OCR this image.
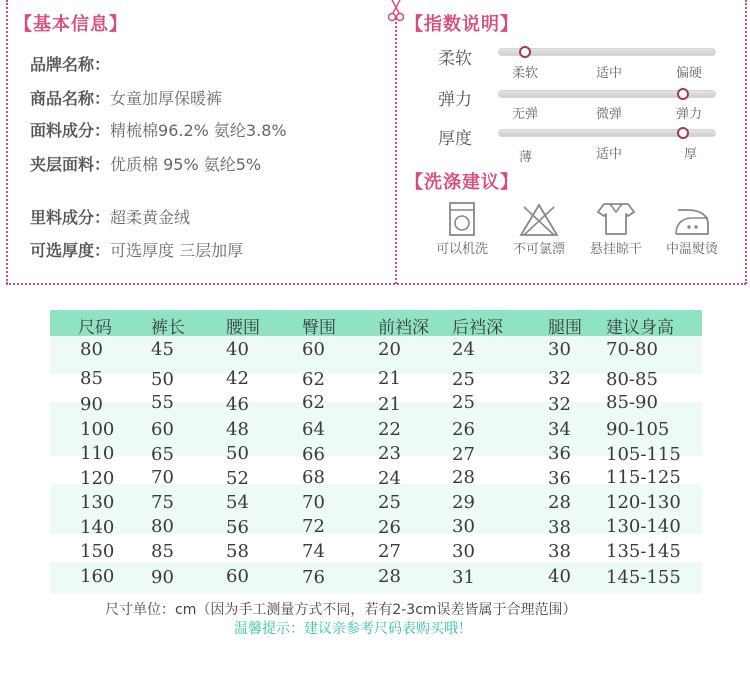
【基本信息】
品牌名称：
商品名称：女童加厚保暖裤
面料成分：精梳棉96.2% 氨纶3.8%
夹层面料：优质棉 95% 氨纶5%
里料成分：超柔黄金绒
可选厚度：可选厚度 三层加厚
【指数说明】
柔软
柔软	适中	偏硬
弹力
无弹	微弹	弹力
厚度
薄	适中	厚
【洗涤建议】
可以机洗	不可氯漂	悬挂晾干	中温熨烫
尺码 裤长 腰围 臀围 前裆深 后裆深	腿围 建议身高
80	45	40	60	20	24	30 70-80
85	50	42	62	21	25	32 80-85
90	55	46	62	21	25	32 85-90
100 60	48	64	22	26	34 90-105
110 65	50	66	23	27	36 105-115
120 70	52	68	24	28	36 115-125
130 75	54	70	25	29	28 120-130
140 80	56	72	26	30	38 130-140
150 85	58	74	27	30	38 135-145
160 90	60	76	28	31	40 145-155
尺寸单位：cm（因为手工测量方式不同，若有2-3cm误差皆属于合理范围）
温馨提示：建议亲参考尺码表购买哦！
